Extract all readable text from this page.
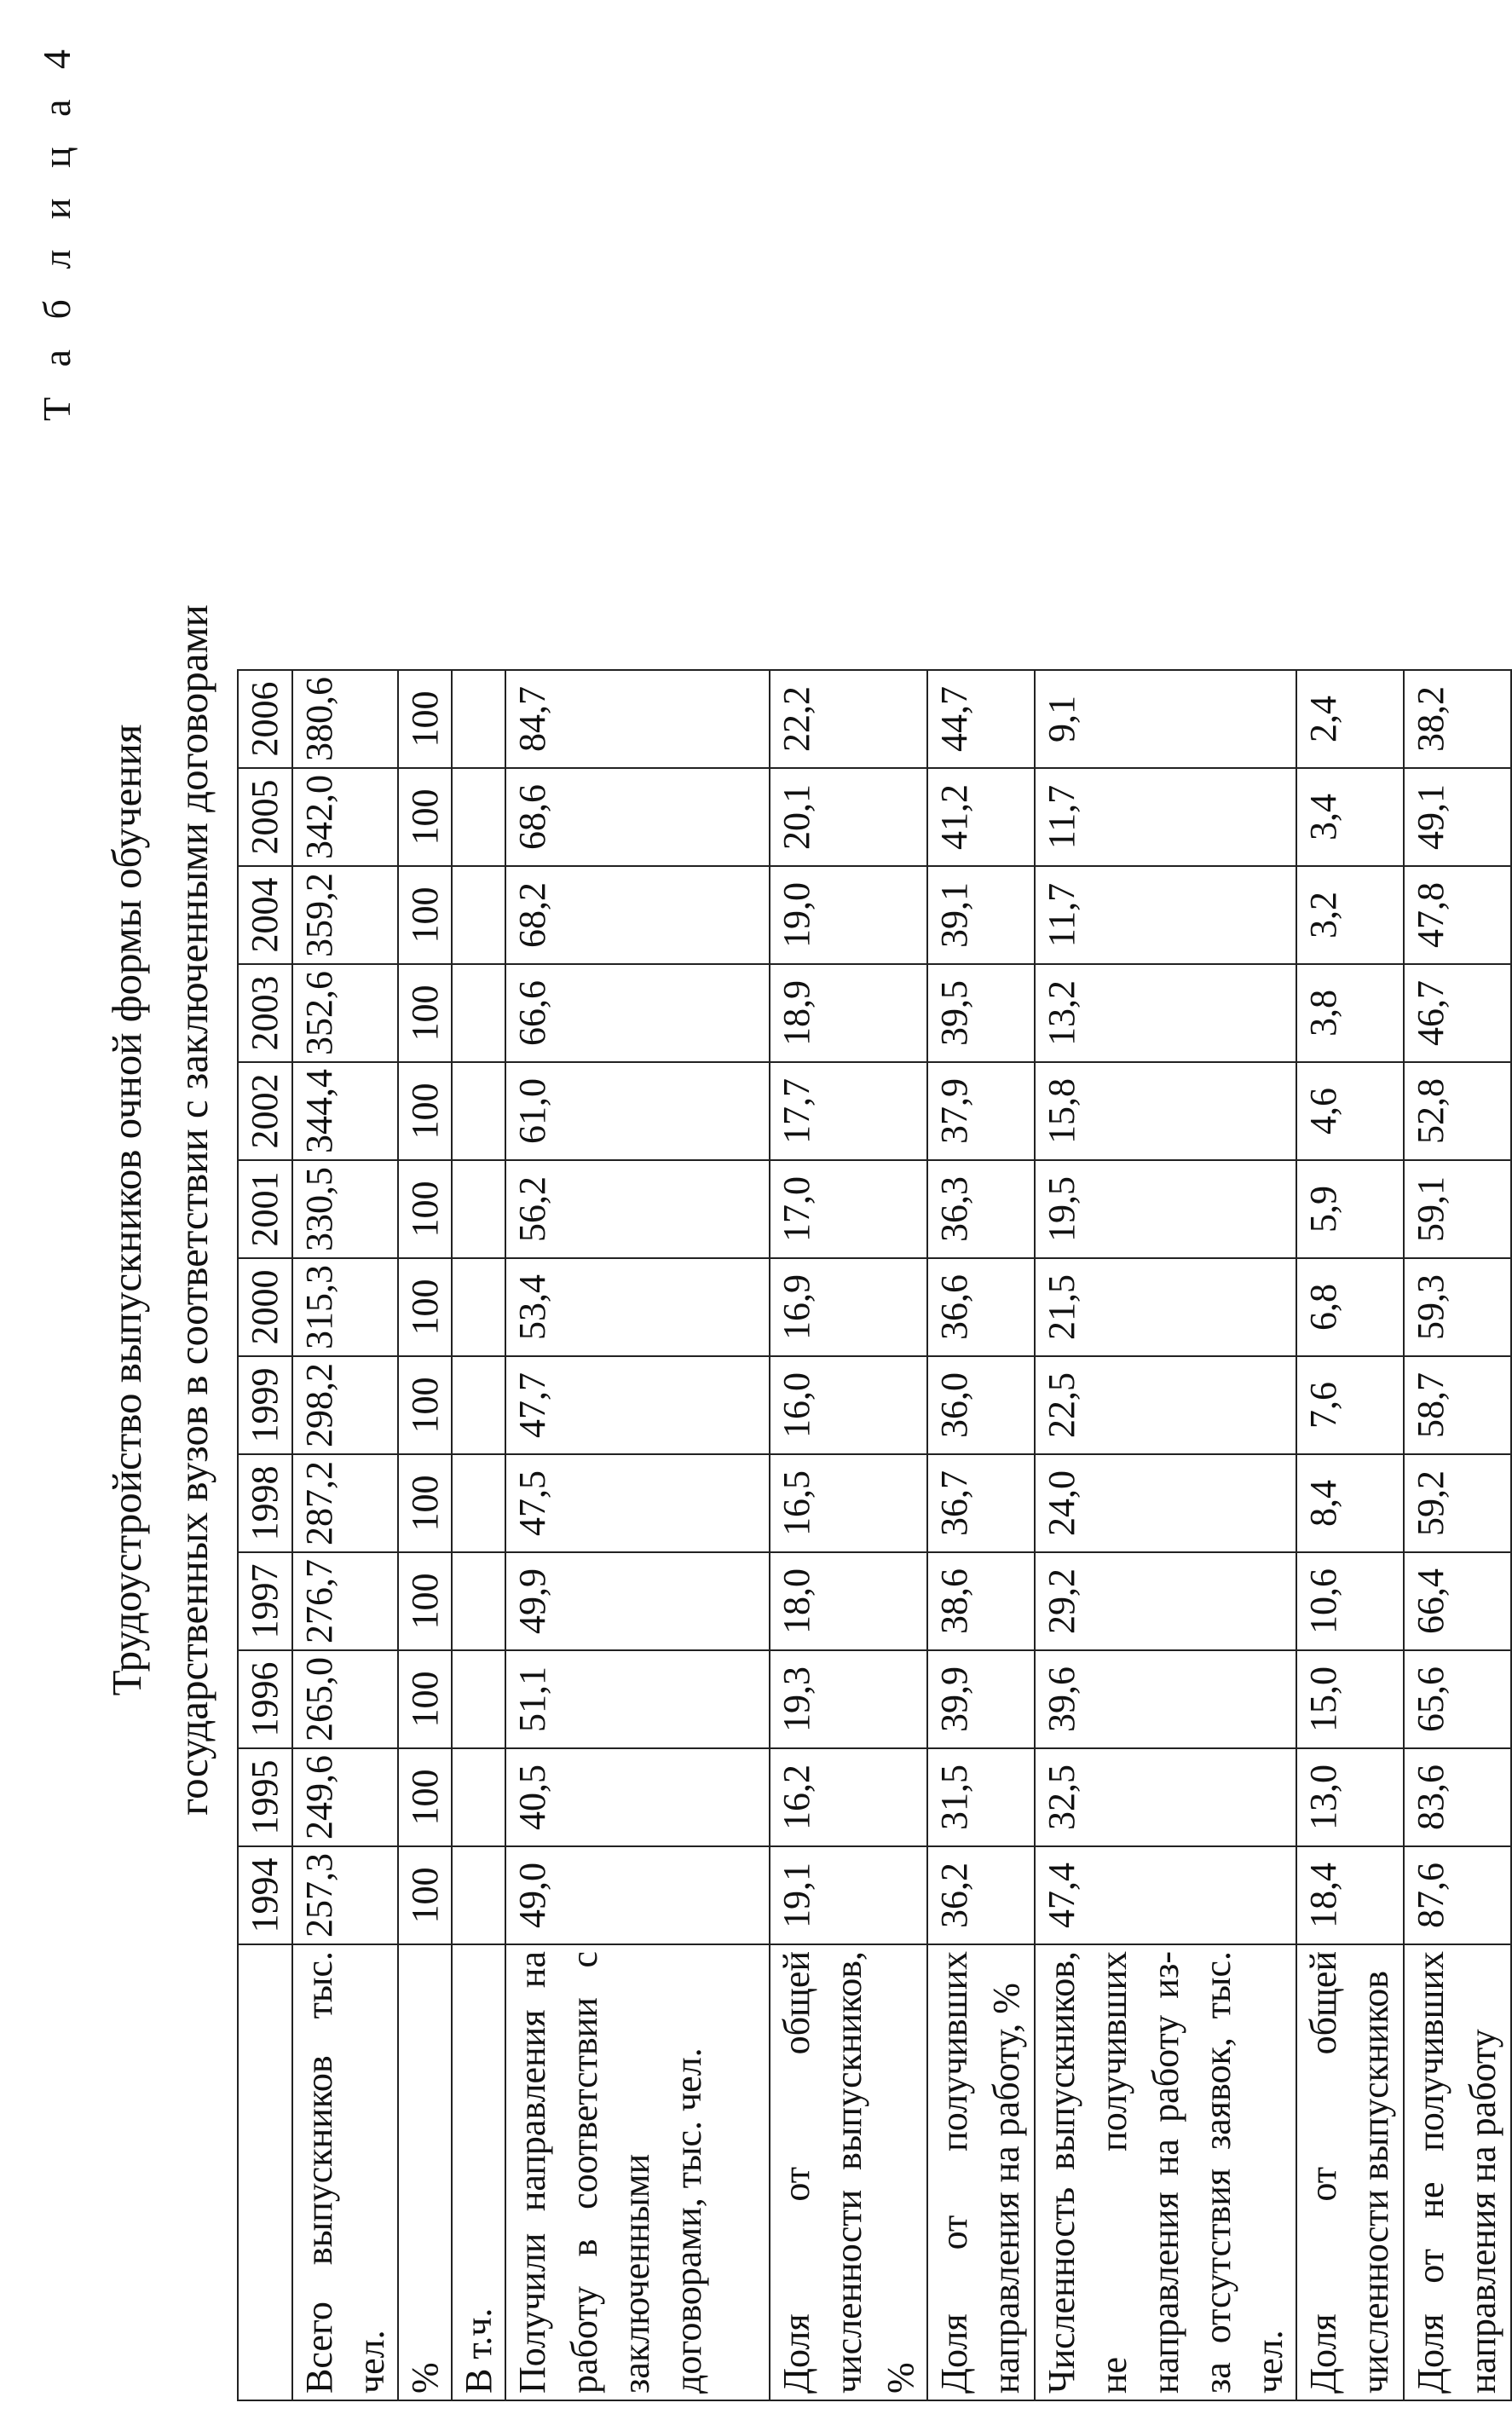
Т а б л и ц а 4
Трудоустройство выпускников очной формы обучения государственных вузов в соответствии с заключенными договорами
	1994	1995	1996	1997	1998	1999	2000	2001	2002	2003	2004	2005	2006
Всего выпускников тыс. чел.	257,3	249,6	265,0	276,7	287,2	298,2	315,3	330,5	344,4	352,6	359,2	342,0	380,6
%	100	100	100	100	100	100	100	100	100	100	100	100	100
В т.ч.													
Получили направления на работу в соответствии с заключенными договорами, тыс. чел.	49,0	40,5	51,1	49,9	47,5	47,7	53,4	56,2	61,0	66,6	68,2	68,6	84,7
Доля от общей численности выпускников, %	19,1	16,2	19,3	18,0	16,5	16,0	16,9	17,0	17,7	18,9	19,0	20,1	22,2
Доля от получивших направления на работу, %	36,2	31,5	39,9	38,6	36,7	36,0	36,6	36,3	37,9	39,5	39,1	41,2	44,7
Численность выпускников, не получивших направления на работу из-за отсутствия заявок, тыс. чел.	47,4	32,5	39,6	29,2	24,0	22,5	21,5	19,5	15,8	13,2	11,7	11,7	9,1
Доля от общей численности выпускников	18,4	13,0	15,0	10,6	8,4	7,6	6,8	5,9	4,6	3,8	3,2	3,4	2,4
Доля от не получивших направления на работу	87,6	83,6	65,6	66,4	59,2	58,7	59,3	59,1	52,8	46,7	47,8	49,1	38,2
